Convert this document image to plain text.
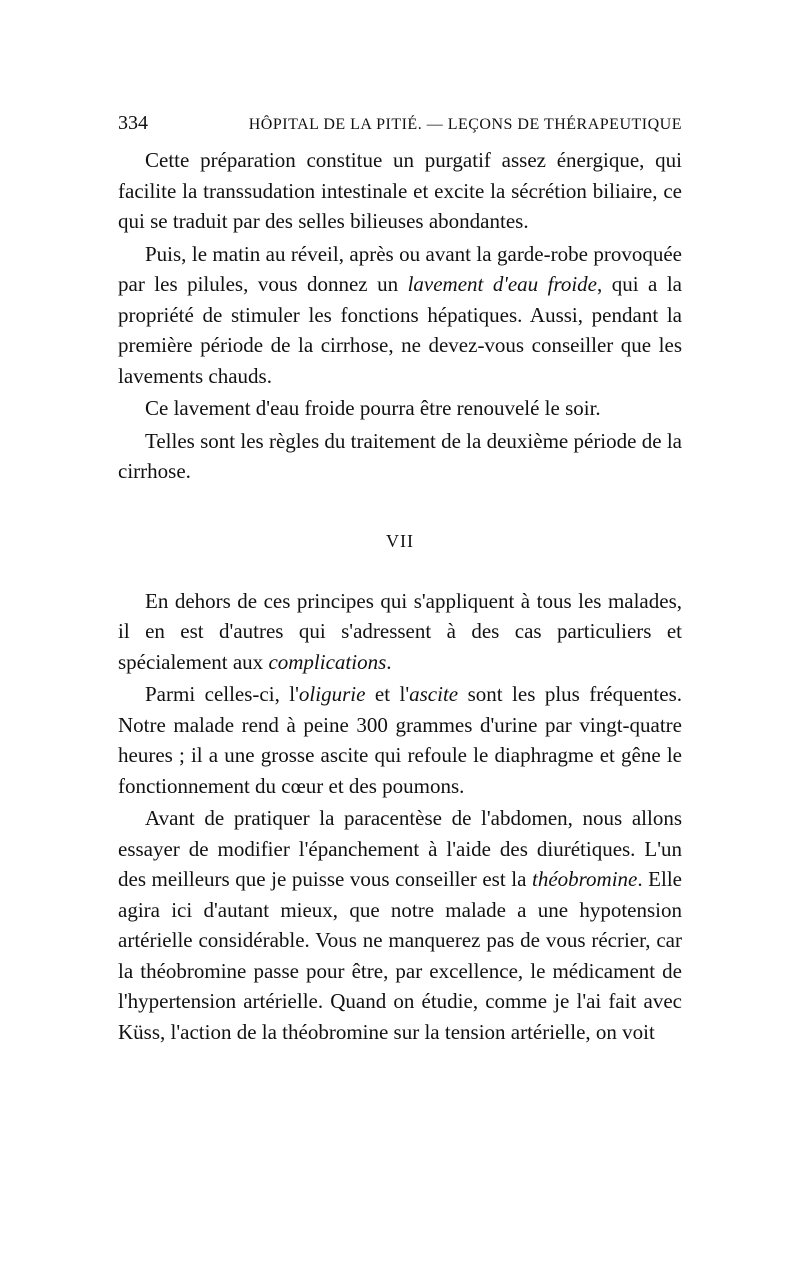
334	HÔPITAL DE LA PITIÉ. — LEÇONS DE THÉRAPEUTIQUE

Cette préparation constitue un purgatif assez énergique, qui facilite la transsudation intestinale et excite la sécrétion biliaire, ce qui se traduit par des selles bilieuses abondantes.

Puis, le matin au réveil, après ou avant la garde-robe provoquée par les pilules, vous donnez un lavement d'eau froide, qui a la propriété de stimuler les fonctions hépatiques. Aussi, pendant la première période de la cirrhose, ne devez-vous conseiller que les lavements chauds.

Ce lavement d'eau froide pourra être renouvelé le soir.

Telles sont les règles du traitement de la deuxième période de la cirrhose.

VII

En dehors de ces principes qui s'appliquent à tous les malades, il en est d'autres qui s'adressent à des cas particuliers et spécialement aux complications.

Parmi celles-ci, l'oligurie et l'ascite sont les plus fréquentes. Notre malade rend à peine 300 grammes d'urine par vingt-quatre heures ; il a une grosse ascite qui refoule le diaphragme et gêne le fonctionnement du cœur et des poumons.

Avant de pratiquer la paracentèse de l'abdomen, nous allons essayer de modifier l'épanchement à l'aide des diurétiques. L'un des meilleurs que je puisse vous conseiller est la théobromine. Elle agira ici d'autant mieux, que notre malade a une hypotension artérielle considérable. Vous ne manquerez pas de vous récrier, car la théobromine passe pour être, par excellence, le médicament de l'hypertension artérielle. Quand on étudie, comme je l'ai fait avec Küss, l'action de la théobromine sur la tension artérielle, on voit
